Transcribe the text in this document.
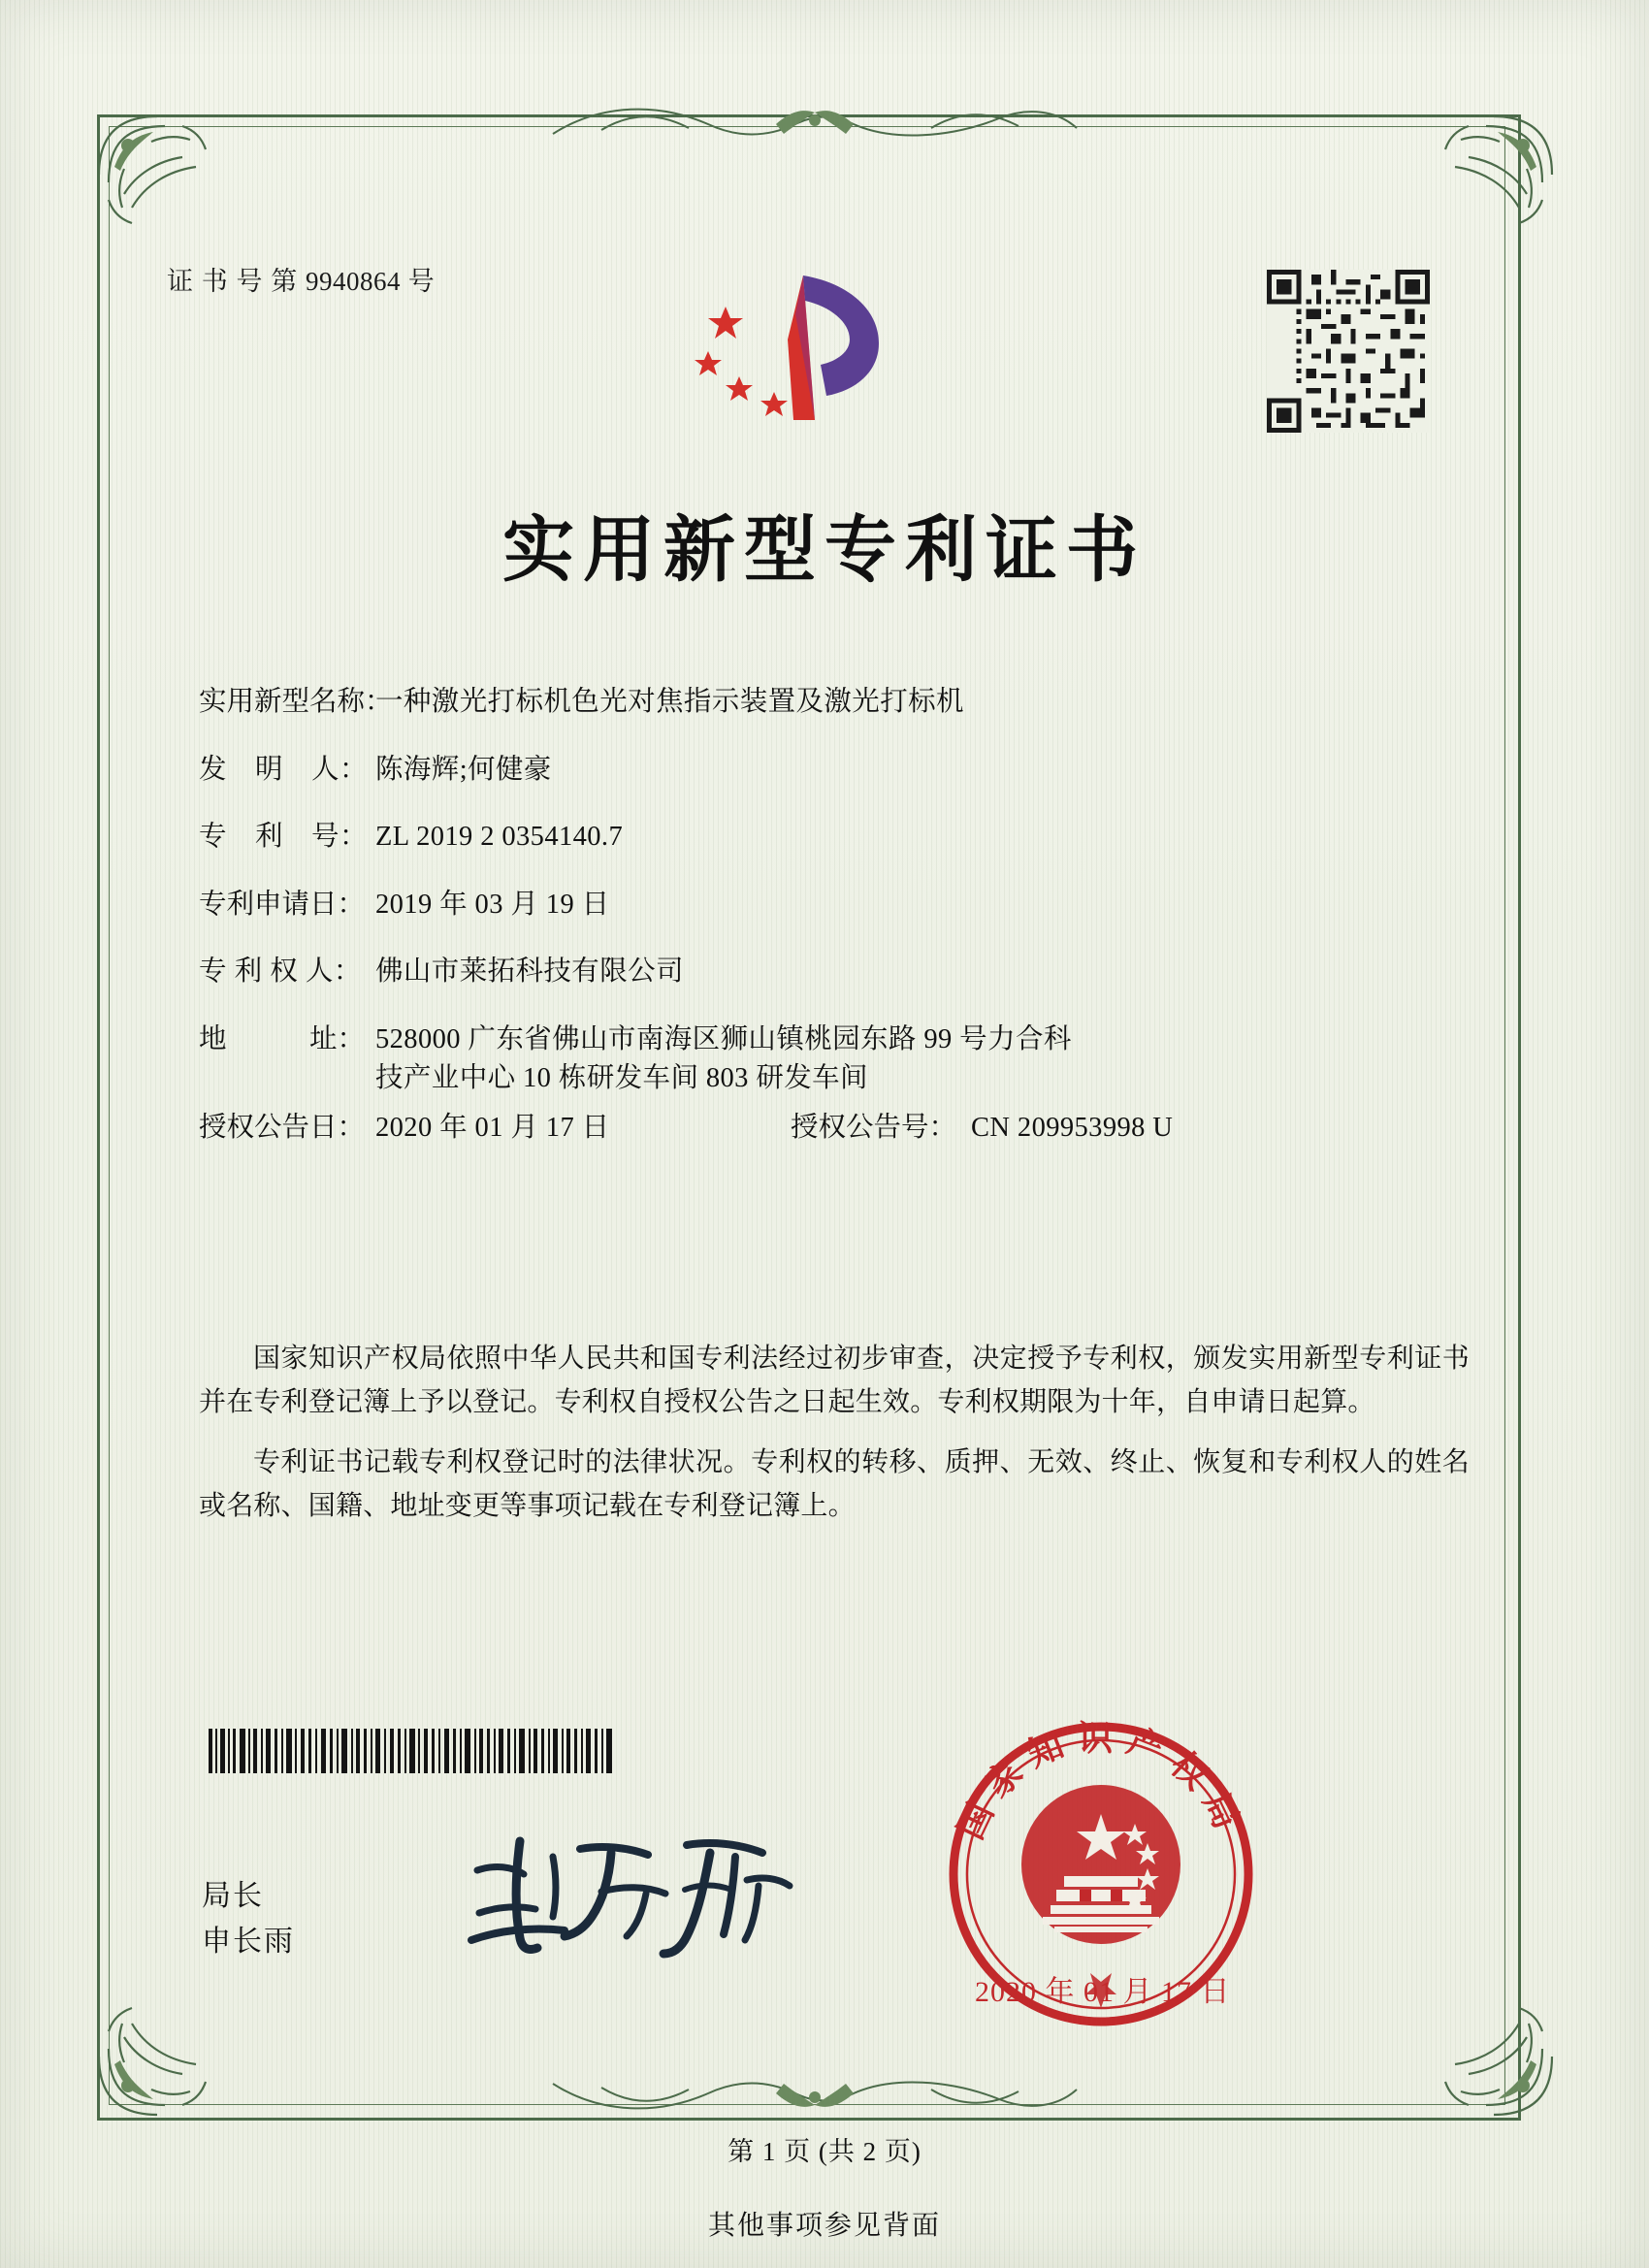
证 书 号 第 9940864 号
实用新型专利证书
实用新型名称：
一种激光打标机色光对焦指示装置及激光打标机
发　明　人： 陈海辉;何健豪
专　利　号： ZL 2019 2 0354140.7
专利申请日： 2019 年 03 月 19 日
专 利 权 人： 佛山市莱拓科技有限公司
地　　　址： 528000 广东省佛山市南海区狮山镇桃园东路 99 号力合科
技产业中心 10 栋研发车间 803 研发车间
授权公告日： 2020 年 01 月 17 日	授权公告号： CN 209953998 U

国家知识产权局依照中华人民共和国专利法经过初步审查，决定授予专利权，颁发实用新型专利证书并在专利登记簿上予以登记。专利权自授权公告之日起生效。专利权期限为十年，自申请日起算。

专利证书记载专利权登记时的法律状况。专利权的转移、质押、无效、终止、恢复和专利权人的姓名或名称、国籍、地址变更等事项记载在专利登记簿上。

局长
申长雨
国家知识产权局
2020 年 01 月 17 日
第 1 页 (共 2 页)
其他事项参见背面
